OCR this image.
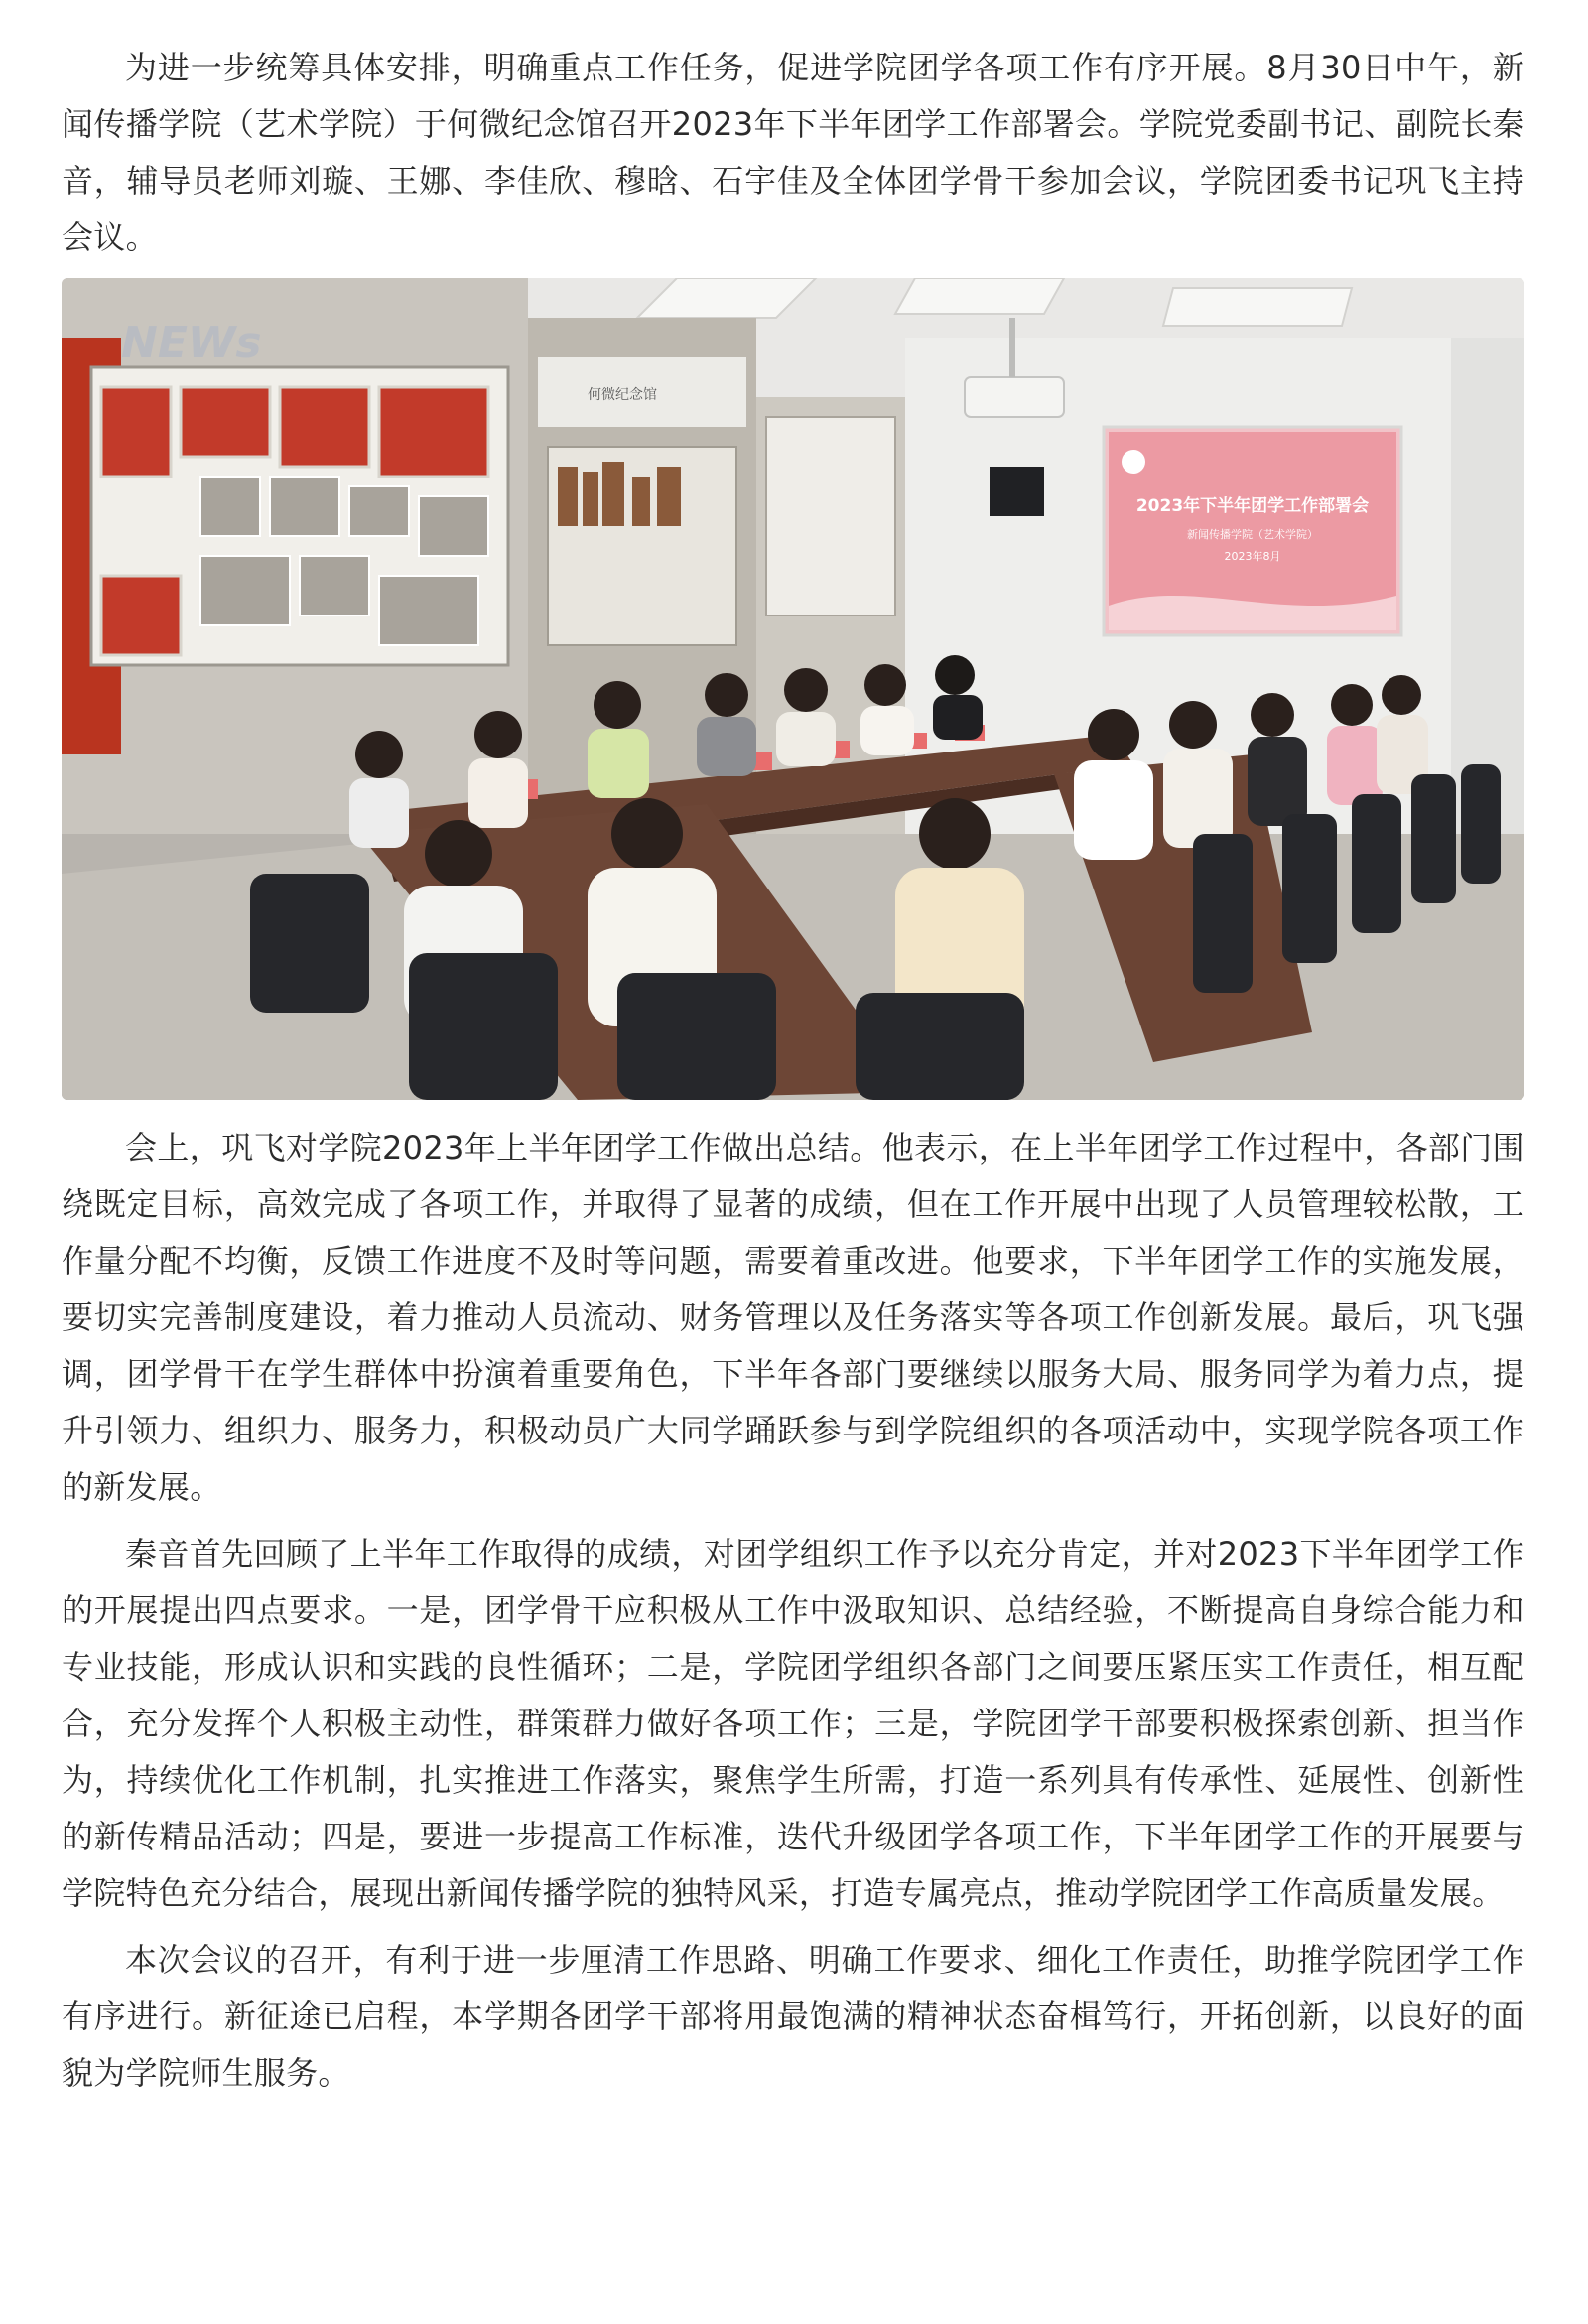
为进一步统筹具体安排，明确重点工作任务，促进学院团学各项工作有序开展。8月30日中午，新闻传播学院（艺术学院）于何微纪念馆召开2023年下半年团学工作部署会。学院党委副书记、副院长秦音，辅导员老师刘璇、王娜、李佳欣、穆晗、石宇佳及全体团学骨干参加会议，学院团委书记巩飞主持会议。

NEWs
何微纪念馆
2023年下半年团学工作部署会
新闻传播学院（艺术学院）
2023年8月

会上，巩飞对学院2023年上半年团学工作做出总结。他表示，在上半年团学工作过程中，各部门围绕既定目标，高效完成了各项工作，并取得了显著的成绩，但在工作开展中出现了人员管理较松散，工作量分配不均衡，反馈工作进度不及时等问题，需要着重改进。他要求，下半年团学工作的实施发展，要切实完善制度建设，着力推动人员流动、财务管理以及任务落实等各项工作创新发展。最后，巩飞强调，团学骨干在学生群体中扮演着重要角色，下半年各部门要继续以服务大局、服务同学为着力点，提升引领力、组织力、服务力，积极动员广大同学踊跃参与到学院组织的各项活动中，实现学院各项工作的新发展。

秦音首先回顾了上半年工作取得的成绩，对团学组织工作予以充分肯定，并对2023下半年团学工作的开展提出四点要求。一是，团学骨干应积极从工作中汲取知识、总结经验，不断提高自身综合能力和专业技能，形成认识和实践的良性循环；二是，学院团学组织各部门之间要压紧压实工作责任，相互配合，充分发挥个人积极主动性，群策群力做好各项工作；三是，学院团学干部要积极探索创新、担当作为，持续优化工作机制，扎实推进工作落实，聚焦学生所需，打造一系列具有传承性、延展性、创新性的新传精品活动；四是，要进一步提高工作标准，迭代升级团学各项工作，下半年团学工作的开展要与学院特色充分结合，展现出新闻传播学院的独特风采，打造专属亮点，推动学院团学工作高质量发展。

本次会议的召开，有利于进一步厘清工作思路、明确工作要求、细化工作责任，助推学院团学工作有序进行。新征途已启程，本学期各团学干部将用最饱满的精神状态奋楫笃行，开拓创新，以良好的面貌为学院师生服务。
